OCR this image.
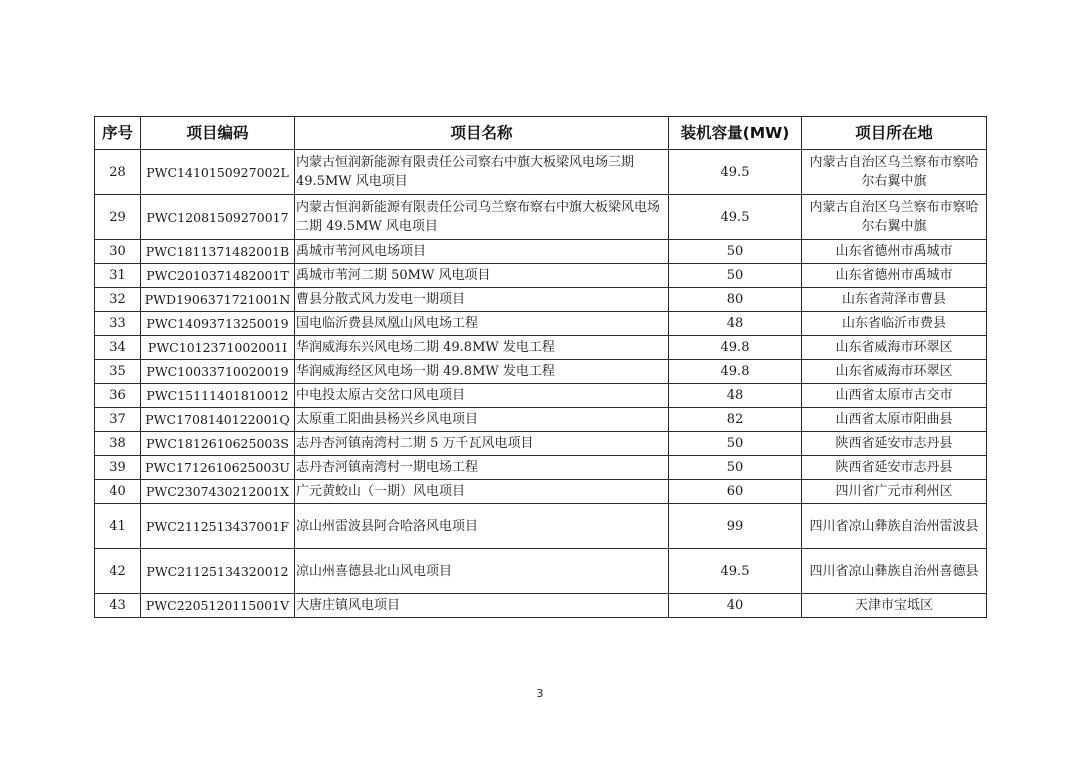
序号	项目编码	项目名称	装机容量(MW)	项目所在地
28	PWC1410150927002L	内蒙古恒润新能源有限责任公司察右中旗大板梁风电场三期49.5MW 风电项目	49.5	内蒙古自治区乌兰察布市察哈尔右翼中旗
29	PWC12081509270017	内蒙古恒润新能源有限责任公司乌兰察布察右中旗大板梁风电场二期 49.5MW 风电项目	49.5	内蒙古自治区乌兰察布市察哈尔右翼中旗
30	PWC1811371482001B	禹城市苇河风电场项目	50	山东省德州市禹城市
31	PWC2010371482001T	禹城市苇河二期 50MW 风电项目	50	山东省德州市禹城市
32	PWD1906371721001N	曹县分散式风力发电一期项目	80	山东省菏泽市曹县
33	PWC14093713250019	国电临沂费县凤凰山风电场工程	48	山东省临沂市费县
34	PWC1012371002001I	华润威海东兴风电场二期 49.8MW 发电工程	49.8	山东省威海市环翠区
35	PWC10033710020019	华润威海经区风电场一期 49.8MW 发电工程	49.8	山东省威海市环翠区
36	PWC15111401810012	中电投太原古交岔口风电项目	48	山西省太原市古交市
37	PWC1708140122001Q	太原重工阳曲县杨兴乡风电项目	82	山西省太原市阳曲县
38	PWC1812610625003S	志丹杏河镇南湾村二期 5 万千瓦风电项目	50	陕西省延安市志丹县
39	PWC1712610625003U	志丹杏河镇南湾村一期电场工程	50	陕西省延安市志丹县
40	PWC2307430212001X	广元黄蛟山（一期）风电项目	60	四川省广元市利州区
41	PWC2112513437001F	凉山州雷波县阿合哈洛风电项目	99	四川省凉山彝族自治州雷波县
42	PWC21125134320012	凉山州喜德县北山风电项目	49.5	四川省凉山彝族自治州喜德县
43	PWC2205120115001V	大唐庄镇风电项目	40	天津市宝坻区
3
